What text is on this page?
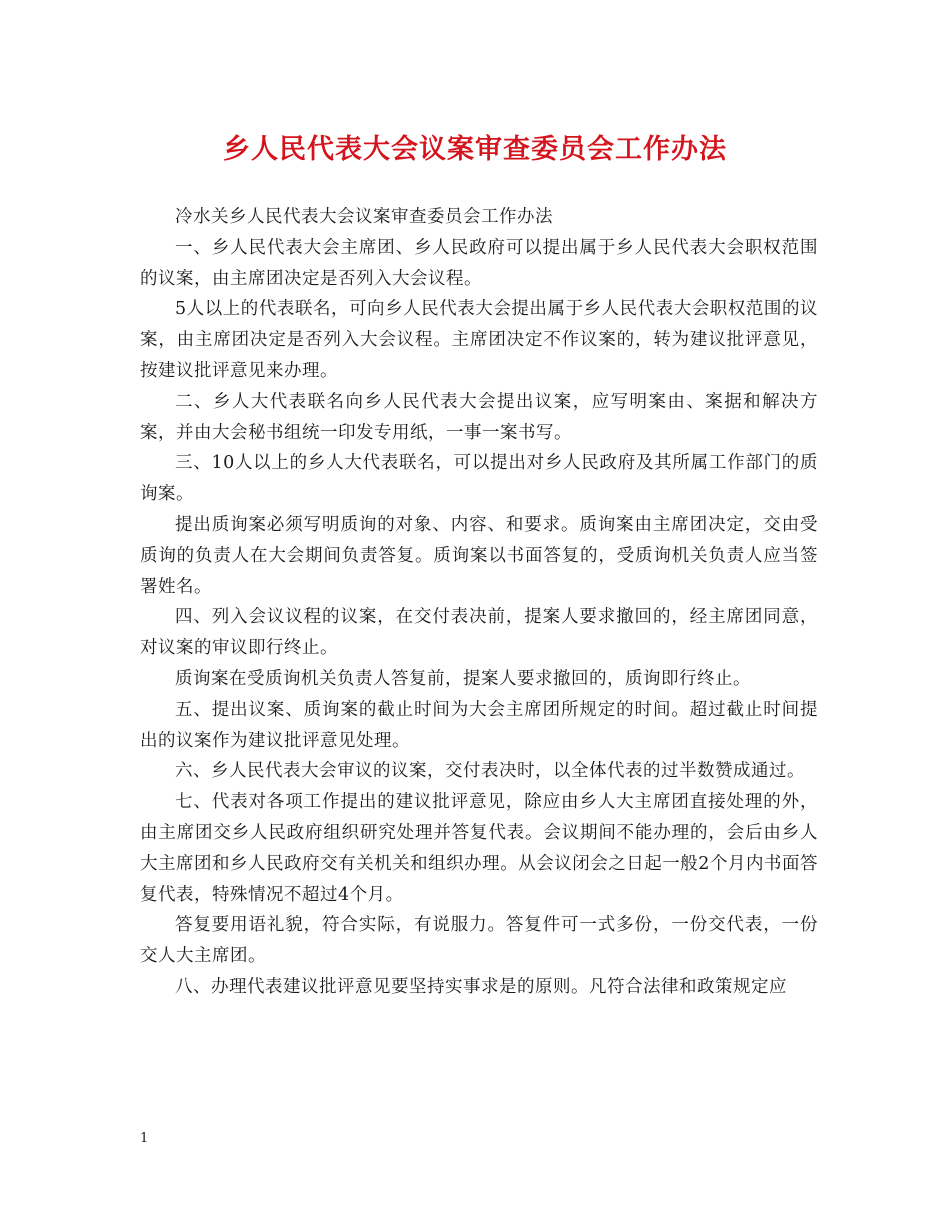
乡人民代表大会议案审查委员会工作办法

冷水关乡人民代表大会议案审查委员会工作办法

一、乡人民代表大会主席团、乡人民政府可以提出属于乡人民代表大会职权范围的议案，由主席团决定是否列入大会议程。

5人以上的代表联名，可向乡人民代表大会提出属于乡人民代表大会职权范围的议案，由主席团决定是否列入大会议程。主席团决定不作议案的，转为建议批评意见，按建议批评意见来办理。

二、乡人大代表联名向乡人民代表大会提出议案，应写明案由、案据和解决方案，并由大会秘书组统一印发专用纸，一事一案书写。

三、10人以上的乡人大代表联名，可以提出对乡人民政府及其所属工作部门的质询案。

提出质询案必须写明质询的对象、内容、和要求。质询案由主席团决定，交由受质询的负责人在大会期间负责答复。质询案以书面答复的，受质询机关负责人应当签署姓名。

四、列入会议议程的议案，在交付表决前，提案人要求撤回的，经主席团同意，对议案的审议即行终止。

质询案在受质询机关负责人答复前，提案人要求撤回的，质询即行终止。

五、提出议案、质询案的截止时间为大会主席团所规定的时间。超过截止时间提出的议案作为建议批评意见处理。

六、乡人民代表大会审议的议案，交付表决时，以全体代表的过半数赞成通过。

七、代表对各项工作提出的建议批评意见，除应由乡人大主席团直接处理的外，由主席团交乡人民政府组织研究处理并答复代表。会议期间不能办理的，会后由乡人大主席团和乡人民政府交有关机关和组织办理。从会议闭会之日起一般2个月内书面答复代表，特殊情况不超过4个月。

答复要用语礼貌，符合实际，有说服力。答复件可一式多份，一份交代表，一份交人大主席团。

八、办理代表建议批评意见要坚持实事求是的原则。凡符合法律和政策规定应

1
